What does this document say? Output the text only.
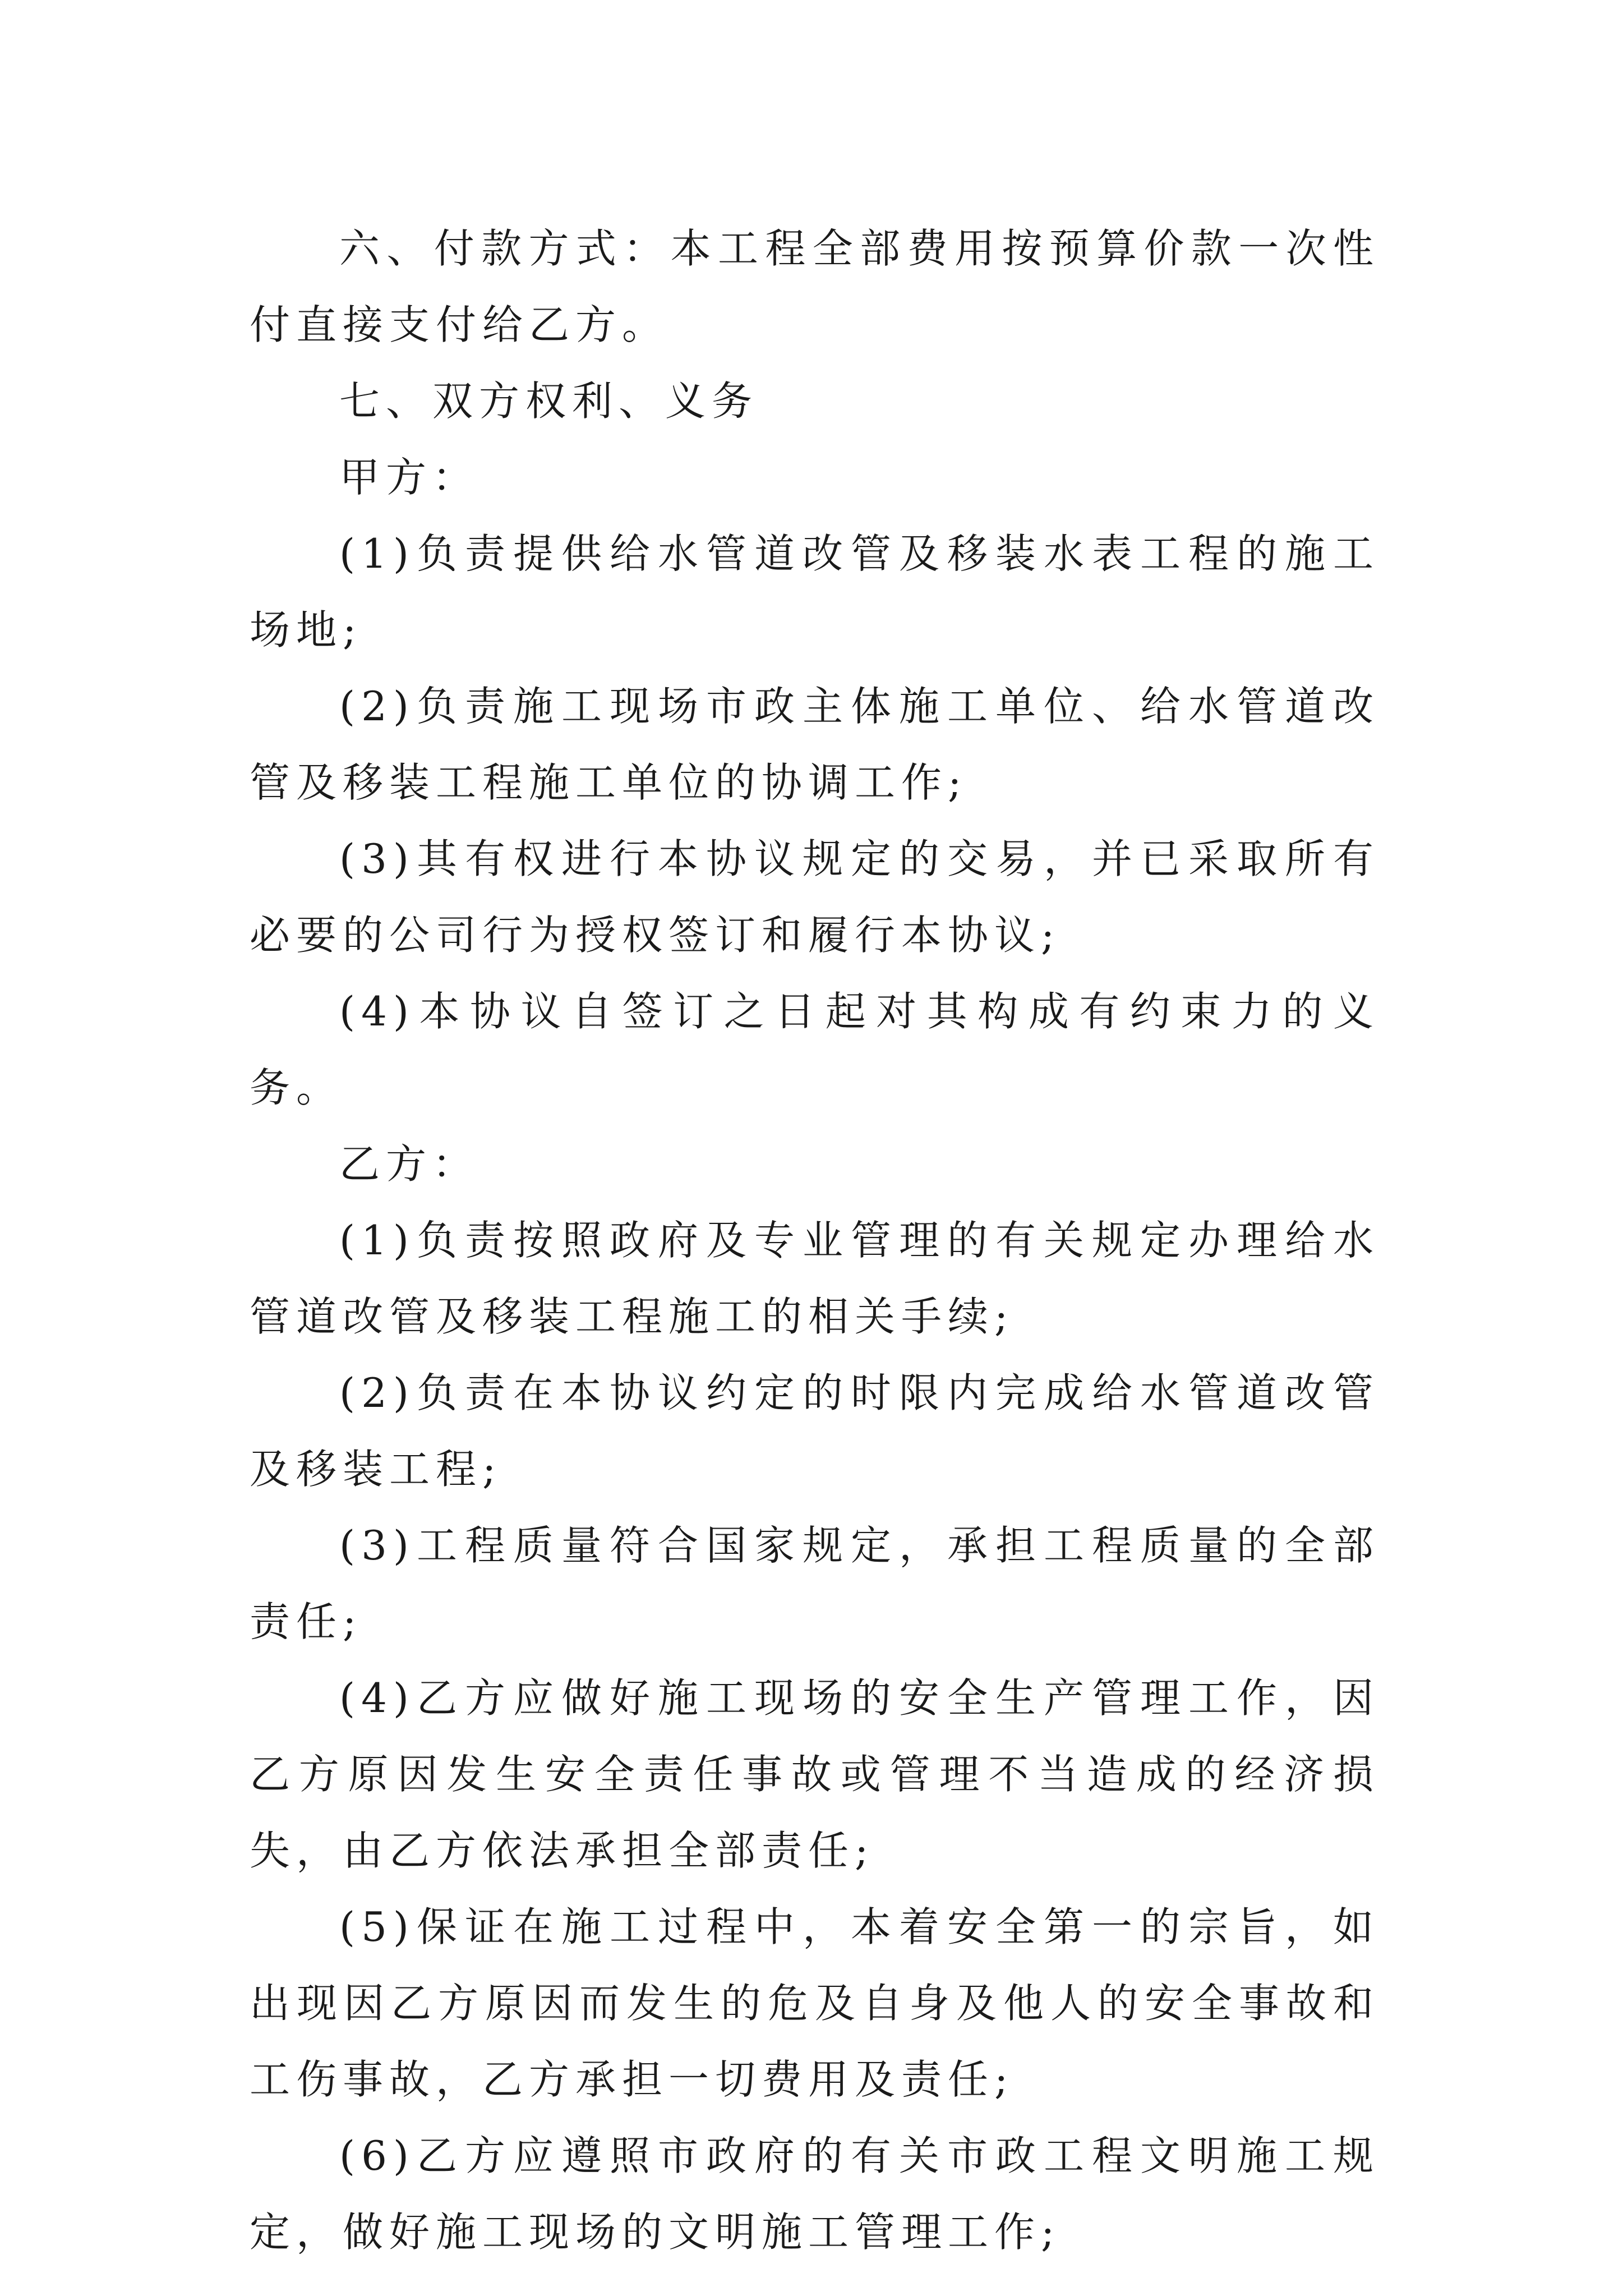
六、付款方式：本工程全部费用按预算价款一次性付直接支付给乙方。

七、双方权利、义务

甲方：

(1)负责提供给水管道改管及移装水表工程的施工场地;

(2)负责施工现场市政主体施工单位、给水管道改管及移装工程施工单位的协调工作;

(3)其有权进行本协议规定的交易，并已采取所有必要的公司行为授权签订和履行本协议;

(4)本协议自签订之日起对其构成有约束力的义务。

乙方：

(1)负责按照政府及专业管理的有关规定办理给水管道改管及移装工程施工的相关手续;

(2)负责在本协议约定的时限内完成给水管道改管及移装工程;

(3)工程质量符合国家规定，承担工程质量的全部责任;

(4)乙方应做好施工现场的安全生产管理工作，因乙方原因发生安全责任事故或管理不当造成的经济损失，由乙方依法承担全部责任;

(5)保证在施工过程中，本着安全第一的宗旨，如出现因乙方原因而发生的危及自身及他人的安全事故和工伤事故，乙方承担一切费用及责任;

(6)乙方应遵照市政府的有关市政工程文明施工规定，做好施工现场的文明施工管理工作;
